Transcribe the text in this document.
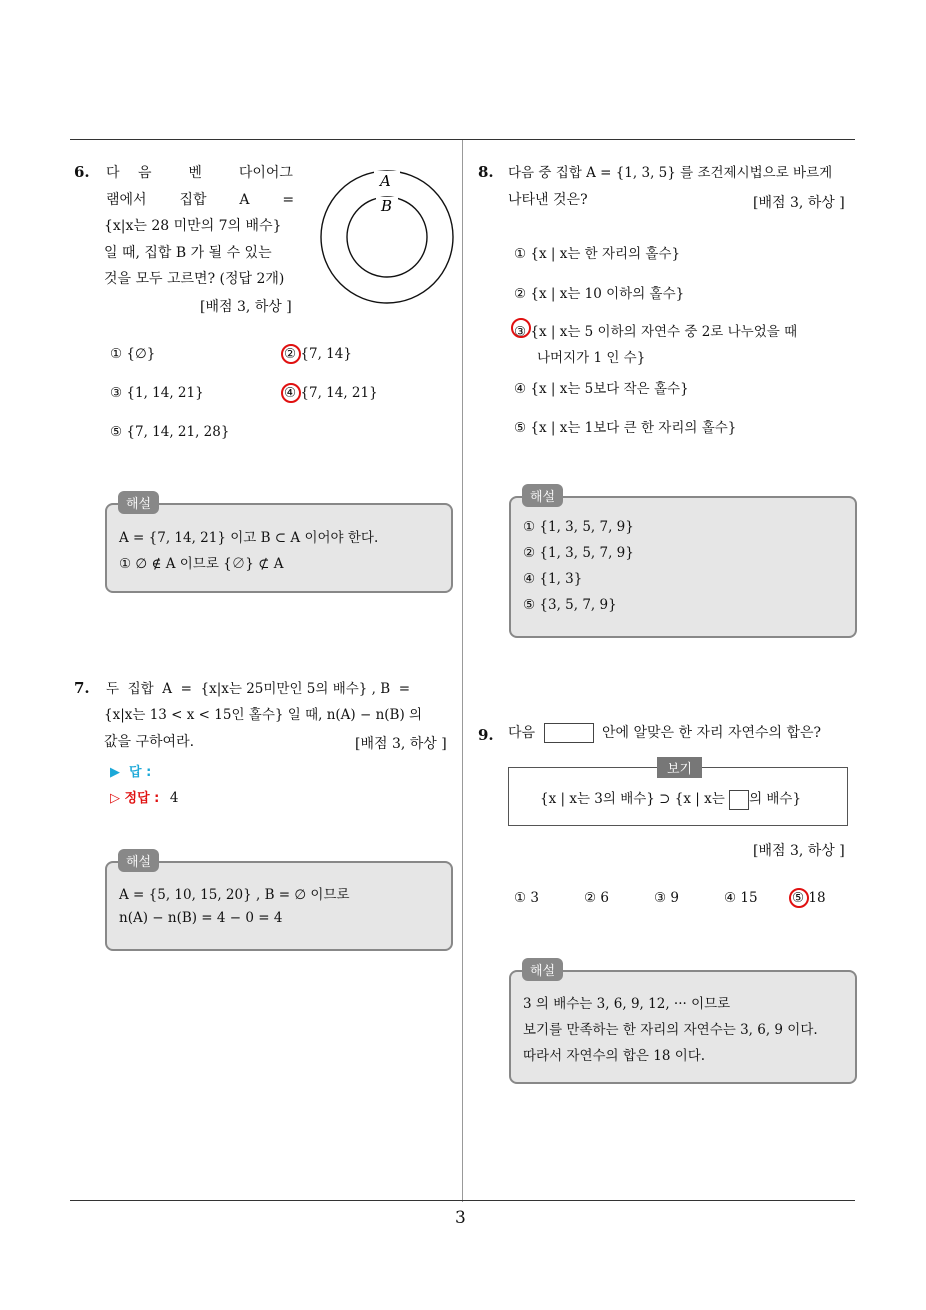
3
6. 다 음  벤  다이어그
램에서  집합  A  =
{x|x는 28 미만의 7의 배수}
일 때, 집합 B 가 될 수 있는
것을 모두 고르면? (정답 2개)
[배점 3, 하상 ]
A
B
① {∅}	② {7, 14}
③ {1, 14, 21}	④ {7, 14, 21}
⑤ {7, 14, 21, 28}
해설
A = {7, 14, 21} 이고 B ⊂ A 이어야 한다.
① ∅ ∉ A 이므로 {∅} ⊄ A
7. 두  집합  A  =  {x|x는 25미만인 5의 배수} , B  =
{x|x는 13 < x < 15인 홀수} 일 때, n(A) − n(B) 의
값을 구하여라.	[배점 3, 하상 ]
▶  답 :
▷ 정답 : 4
해설
A = {5, 10, 15, 20} , B = ∅ 이므로
n(A) − n(B) = 4 − 0 = 4
8. 다음 중 집합 A = {1, 3, 5} 를 조건제시법으로 바르게
나타낸 것은?	[배점 3, 하상 ]
① {x | x는 한 자리의 홀수}
② {x | x는 10 이하의 홀수}
③ {x | x는 5 이하의 자연수 중 2로 나누었을 때
나머지가 1 인 수}
④ {x | x는 5보다 작은 홀수}
⑤ {x | x는 1보다 큰 한 자리의 홀수}
해설
① {1, 3, 5, 7, 9}
② {1, 3, 5, 7, 9}
④ {1, 3}
⑤ {3, 5, 7, 9}
9. 다음	안에 알맞은 한 자리 자연수의 합은?
보기
{x | x는 3의 배수} ⊃ {x | x는 의 배수}
[배점 3, 하상 ]
① 3	② 6	③ 9	④ 15	⑤ 18
해설
3 의 배수는 3, 6, 9, 12, ··· 이므로
보기를 만족하는 한 자리의 자연수는 3, 6, 9 이다.
따라서 자연수의 합은 18 이다.
